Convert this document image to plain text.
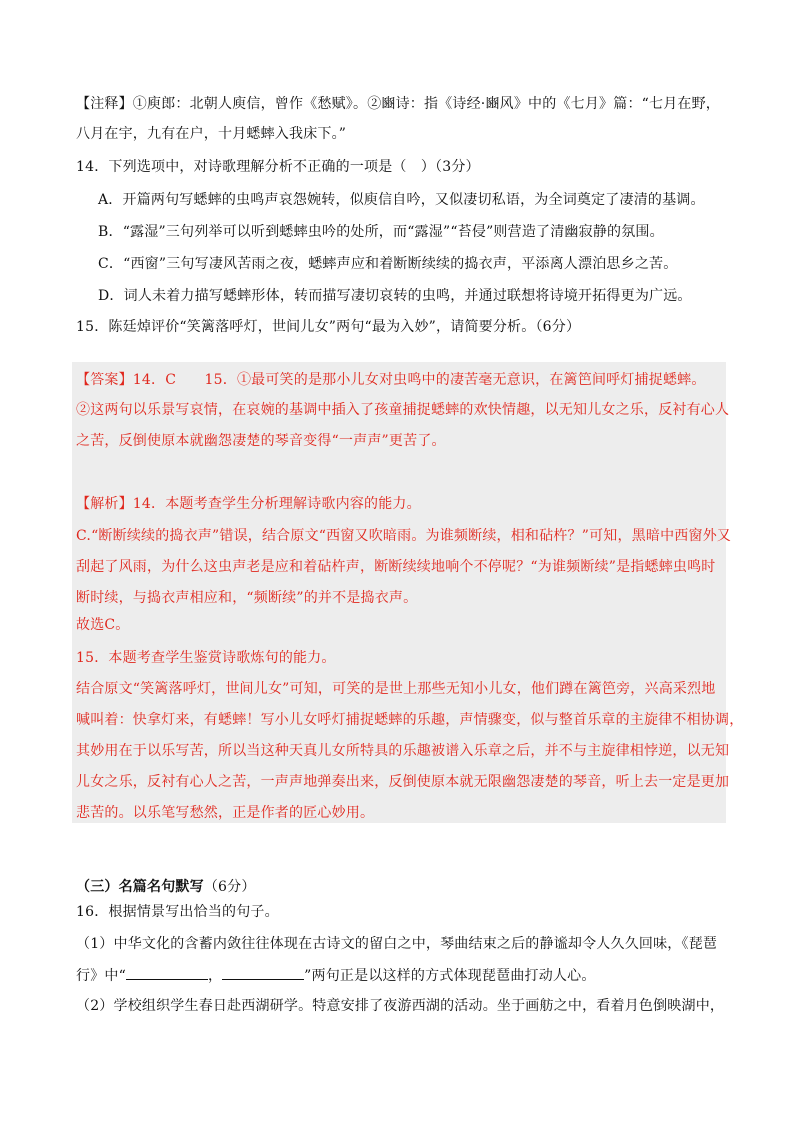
【注释】①庾郎：北朝人庾信，曾作《愁赋》。②豳诗：指《诗经·豳风》中的《七月》篇：“七月在野，
八月在宇，九有在户，十月蟋蟀入我床下。”
14．下列选项中，对诗歌理解分析不正确的一项是（　）（3分）
A．开篇两句写蟋蟀的虫鸣声哀怨婉转，似庾信自吟，又似凄切私语，为全词奠定了凄清的基调。
B．“露湿”三句列举可以听到蟋蟀虫吟的处所，而“露湿”“苔侵”则营造了清幽寂静的氛围。
C．“西窗”三句写凄风苦雨之夜，蟋蟀声应和着断断续续的捣衣声，平添离人漂泊思乡之苦。
D．词人未着力描写蟋蟀形体，转而描写凄切哀转的虫鸣，并通过联想将诗境开拓得更为广远。
15．陈廷焯评价“笑篱落呼灯，世间儿女”两句“最为入妙”，请简要分析。（6分）
【答案】14．C　　15．①最可笑的是那小儿女对虫鸣中的凄苦毫无意识，在篱笆间呼灯捕捉蟋蟀。
②这两句以乐景写哀情，在哀婉的基调中插入了孩童捕捉蟋蟀的欢快情趣，以无知儿女之乐，反衬有心人
之苦，反倒使原本就幽怨凄楚的琴音变得“一声声”更苦了。
【解析】14．本题考查学生分析理解诗歌内容的能力。
C.“断断续续的捣衣声”错误，结合原文“西窗又吹暗雨。为谁频断续，相和砧杵？”可知，黑暗中西窗外又
刮起了风雨，为什么这虫声老是应和着砧杵声，断断续续地响个不停呢？“为谁频断续”是指蟋蟀虫鸣时
断时续，与捣衣声相应和，“频断续”的并不是捣衣声。
故选C。
15．本题考查学生鉴赏诗歌炼句的能力。
结合原文“笑篱落呼灯，世间儿女”可知，可笑的是世上那些无知小儿女，他们蹲在篱笆旁，兴高采烈地
喊叫着：快拿灯来，有蟋蟀！写小儿女呼灯捕捉蟋蟀的乐趣，声情骤变，似与整首乐章的主旋律不相协调，
其妙用在于以乐写苦，所以当这种天真儿女所特具的乐趣被谱入乐章之后，并不与主旋律相悖逆，以无知
儿女之乐，反衬有心人之苦，一声声地弹奏出来，反倒使原本就无限幽怨凄楚的琴音，听上去一定是更加
悲苦的。以乐笔写愁然，正是作者的匠心妙用。
（三）名篇名句默写（6分）
16．根据情景写出恰当的句子。
（1）中华文化的含蓄内敛往往体现在古诗文的留白之中，琴曲结束之后的静谧却令人久久回味，《琵琶
行》中“	，	”两句正是以这样的方式体现琵琶曲打动人心。
（2）学校组织学生春日赴西湖研学。特意安排了夜游西湖的活动。坐于画舫之中，看着月色倒映湖中，
